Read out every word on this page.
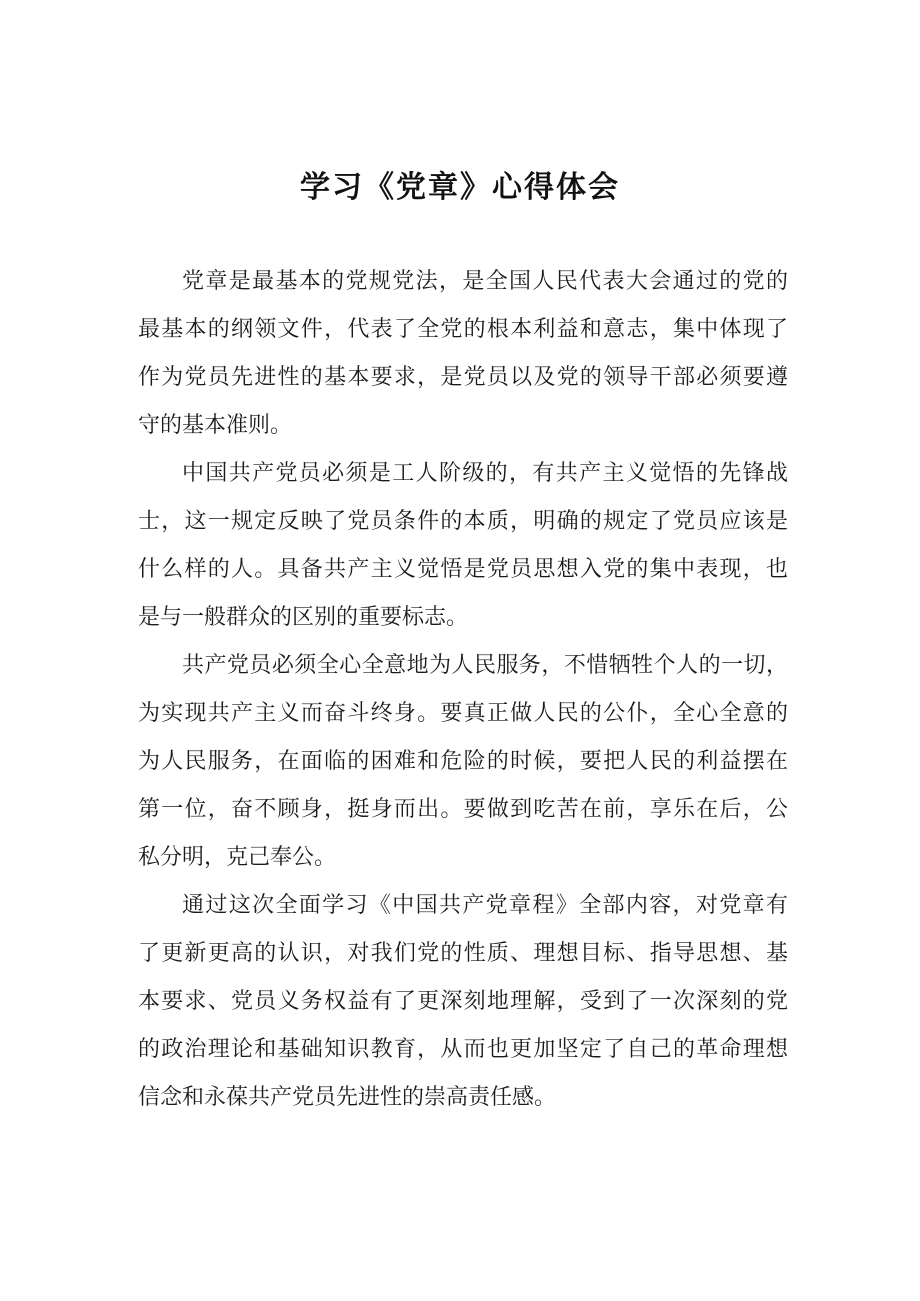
学习《党章》心得体会
党章是最基本的党规党法，是全国人民代表大会通过的党的
最基本的纲领文件，代表了全党的根本利益和意志，集中体现了
作为党员先进性的基本要求，是党员以及党的领导干部必须要遵
守的基本准则。
中国共产党员必须是工人阶级的，有共产主义觉悟的先锋战
士，这一规定反映了党员条件的本质，明确的规定了党员应该是
什么样的人。具备共产主义觉悟是党员思想入党的集中表现，也
是与一般群众的区别的重要标志。
共产党员必须全心全意地为人民服务，不惜牺牲个人的一切，
为实现共产主义而奋斗终身。要真正做人民的公仆，全心全意的
为人民服务，在面临的困难和危险的时候，要把人民的利益摆在
第一位，奋不顾身，挺身而出。要做到吃苦在前，享乐在后，公
私分明，克己奉公。
通过这次全面学习《中国共产党章程》全部内容，对党章有
了更新更高的认识，对我们党的性质、理想目标、指导思想、基
本要求、党员义务权益有了更深刻地理解，受到了一次深刻的党
的政治理论和基础知识教育，从而也更加坚定了自己的革命理想
信念和永葆共产党员先进性的崇高责任感。
